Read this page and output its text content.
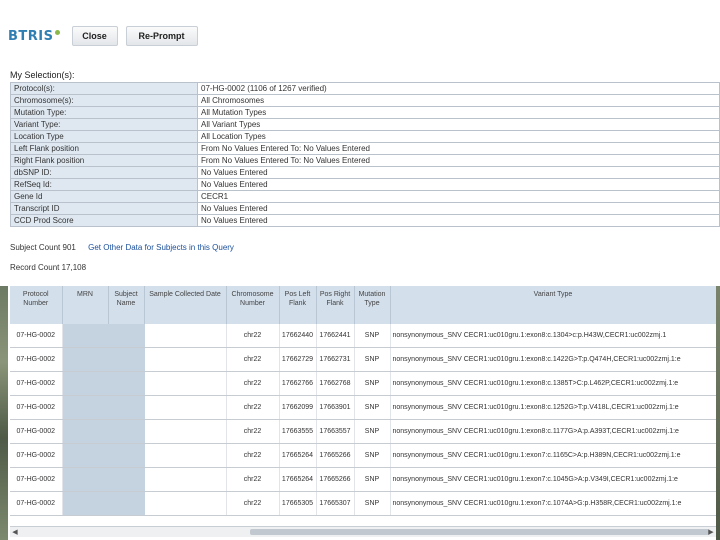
BTRIS	Close	Re-Prompt
My Selection(s):
Protocol(s):	07-HG-0002 (1106 of 1267 verified)
Chromosome(s):	All Chromosomes
Mutation Type:	All Mutation Types
Variant Type:	All Variant Types
Location Type	All Location Types
Left Flank position	From No Values Entered To: No Values Entered
Right Flank position	From No Values Entered To: No Values Entered
dbSNP ID:	No Values Entered
RefSeq Id:	No Values Entered
Gene Id	CECR1
Transcript ID	No Values Entered
CCD Prod Score	No Values Entered
Subject Count 901 Get Other Data for Subjects in this Query
Record Count 17,108
Protocol Number	MRN	Subject Name	Sample Collected Date	Chromosome Number	Pos Left Flank	Pos Right Flank	Mutation Type	Variant Type
07-HG-0002				chr22	17662440	17662441	SNP	nonsynonymous_SNV CECR1:uc010gru.1:exon8:c.1304>c:p.H43W,CECR1:uc002zmj.1
07-HG-0002				chr22	17662729	17662731	SNP	nonsynonymous_SNV CECR1:uc010gru.1:exon8:c.1422G>T:p.Q474H,CECR1:uc002zmj.1:e
07-HG-0002				chr22	17662766	17662768	SNP	nonsynonymous_SNV CECR1:uc010gru.1:exon8:c.1385T>C:p.L462P,CECR1:uc002zmj.1:e
07-HG-0002				chr22	17662099	17663901	SNP	nonsynonymous_SNV CECR1:uc010gru.1:exon8:c.1252G>T:p.V418L,CECR1:uc002zmj.1:e
07-HG-0002				chr22	17663555	17663557	SNP	nonsynonymous_SNV CECR1:uc010gru.1:exon8:c.1177G>A:p.A393T,CECR1:uc002zmj.1:e
07-HG-0002				chr22	17665264	17665266	SNP	nonsynonymous_SNV CECR1:uc010gru.1:exon7:c.1165C>A:p.H389N,CECR1:uc002zmj.1:e
07-HG-0002				chr22	17665264	17665266	SNP	nonsynonymous_SNV CECR1:uc010gru.1:exon7:c.1045G>A:p.V349I,CECR1:uc002zmj.1:e
07-HG-0002				chr22	17665305	17665307	SNP	nonsynonymous_SNV CECR1:uc010gru.1:exon7:c.1074A>G:p.H358R,CECR1:uc002zmj.1:e
◀	▶
